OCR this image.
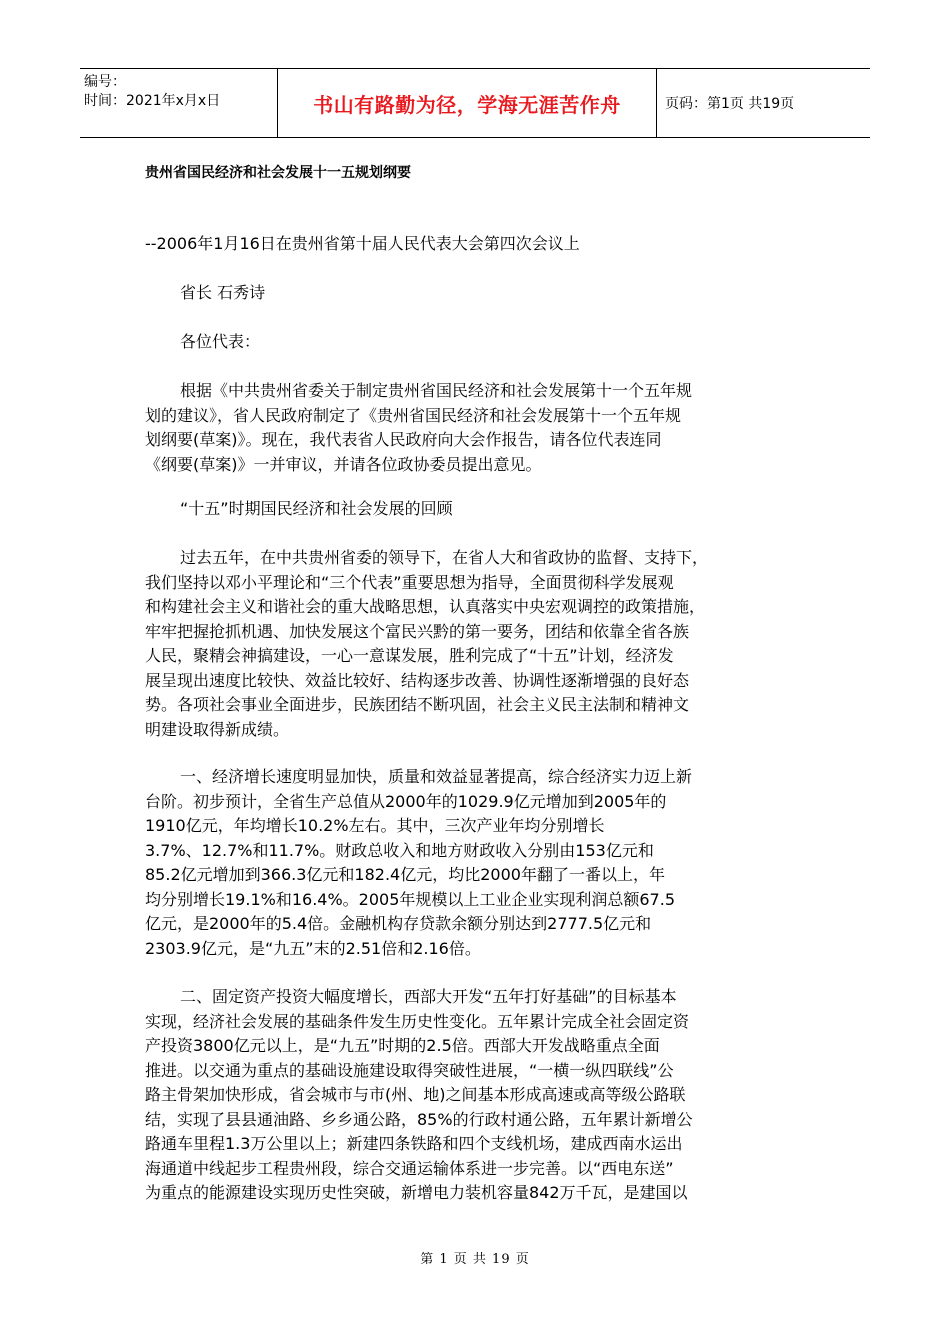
编号：
时间：2021年x月x日	书山有路勤为径，学海无涯苦作舟	页码：第1页 共19页
贵州省国民经济和社会发展十一五规划纲要
--2006年1月16日在贵州省第十届人民代表大会第四次会议上
省长 石秀诗
各位代表：
根据《中共贵州省委关于制定贵州省国民经济和社会发展第十一个五年规
划的建议》，省人民政府制定了《贵州省国民经济和社会发展第十一个五年规
划纲要(草案)》。现在，我代表省人民政府向大会作报告，请各位代表连同
《纲要(草案)》一并审议，并请各位政协委员提出意见。
“十五”时期国民经济和社会发展的回顾
过去五年，在中共贵州省委的领导下，在省人大和省政协的监督、支持下，
我们坚持以邓小平理论和“三个代表”重要思想为指导，全面贯彻科学发展观
和构建社会主义和谐社会的重大战略思想，认真落实中央宏观调控的政策措施，
牢牢把握抢抓机遇、加快发展这个富民兴黔的第一要务，团结和依靠全省各族
人民，聚精会神搞建设，一心一意谋发展，胜利完成了“十五”计划，经济发
展呈现出速度比较快、效益比较好、结构逐步改善、协调性逐渐增强的良好态
势。各项社会事业全面进步，民族团结不断巩固，社会主义民主法制和精神文
明建设取得新成绩。
一、经济增长速度明显加快，质量和效益显著提高，综合经济实力迈上新
台阶。初步预计，全省生产总值从2000年的1029.9亿元增加到2005年的
1910亿元，年均增长10.2%左右。其中，三次产业年均分别增长
3.7%、12.7%和11.7%。财政总收入和地方财政收入分别由153亿元和
85.2亿元增加到366.3亿元和182.4亿元，均比2000年翻了一番以上，年
均分别增长19.1%和16.4%。2005年规模以上工业企业实现利润总额67.5
亿元，是2000年的5.4倍。金融机构存贷款余额分别达到2777.5亿元和
2303.9亿元，是“九五”末的2.51倍和2.16倍。
二、固定资产投资大幅度增长，西部大开发“五年打好基础”的目标基本
实现，经济社会发展的基础条件发生历史性变化。五年累计完成全社会固定资
产投资3800亿元以上，是“九五”时期的2.5倍。西部大开发战略重点全面
推进。以交通为重点的基础设施建设取得突破性进展，“一横一纵四联线”公
路主骨架加快形成，省会城市与市(州、地)之间基本形成高速或高等级公路联
结，实现了县县通油路、乡乡通公路，85%的行政村通公路，五年累计新增公
路通车里程1.3万公里以上；新建四条铁路和四个支线机场，建成西南水运出
海通道中线起步工程贵州段，综合交通运输体系进一步完善。以“西电东送”
为重点的能源建设实现历史性突破，新增电力装机容量842万千瓦，是建国以
第 1 页 共 19 页
